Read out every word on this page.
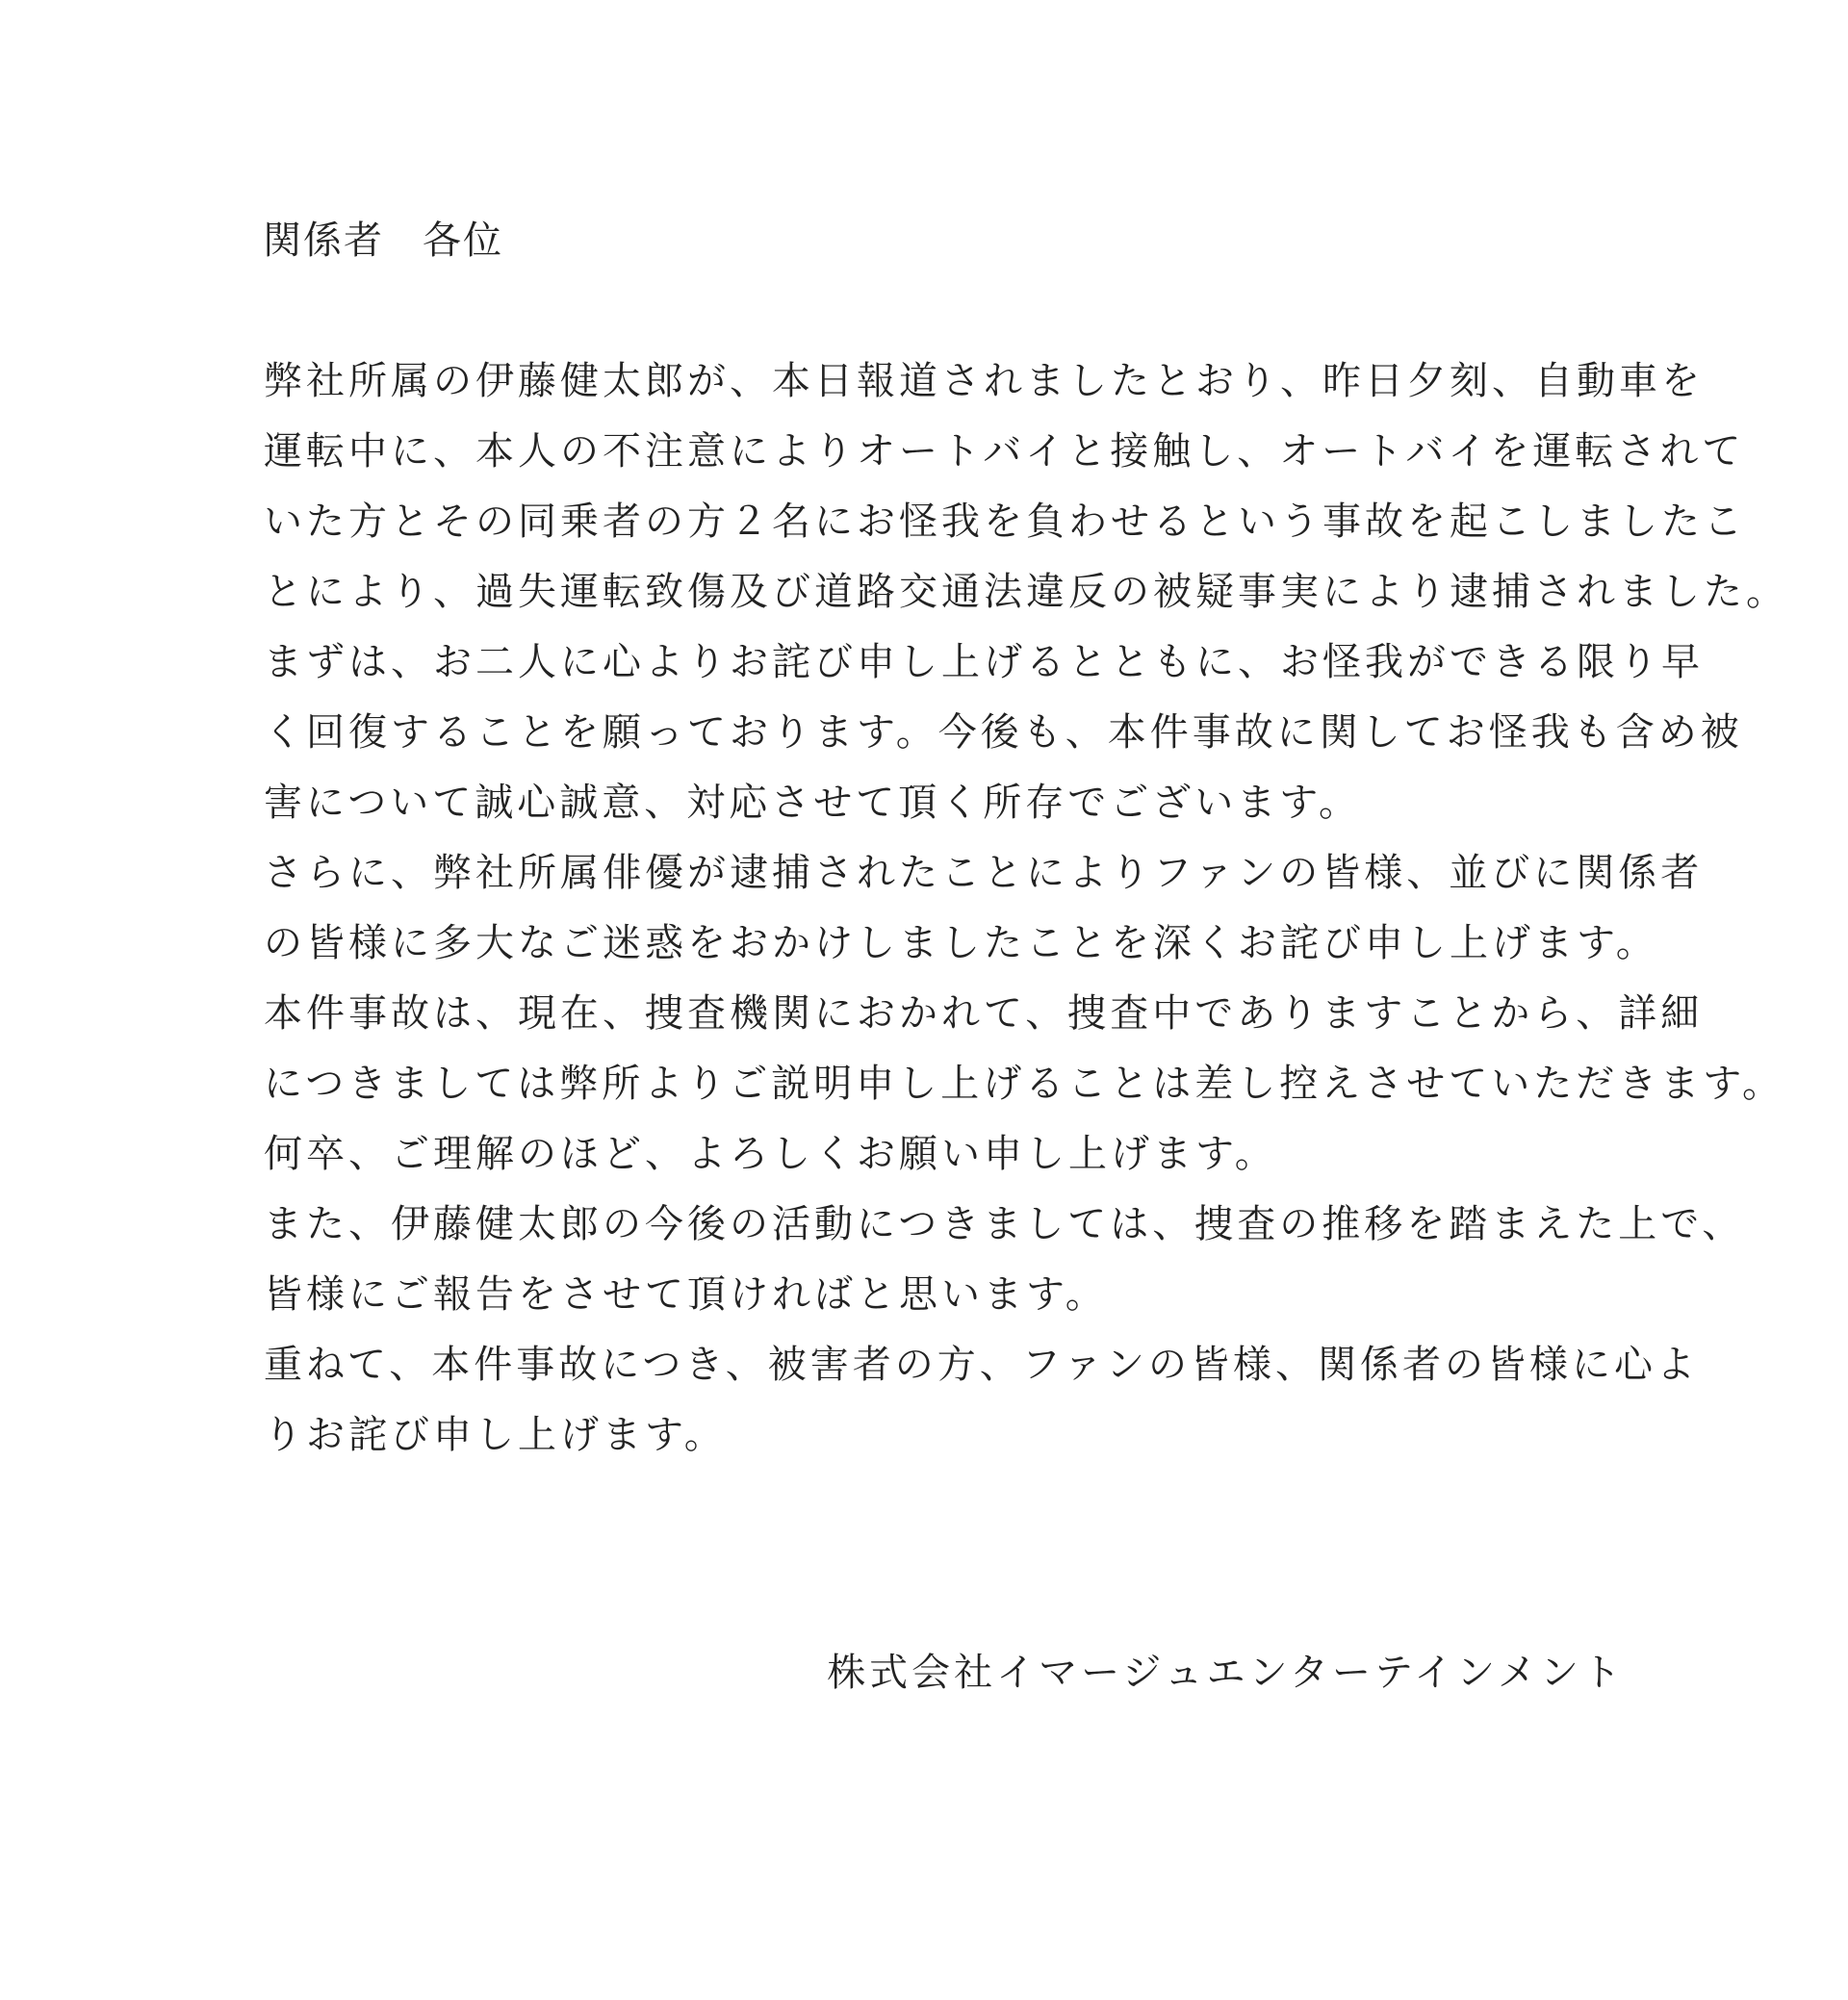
関係者 各位

弊社所属の伊藤健太郎が、本日報道されましたとおり、昨日夕刻、自動車を
運転中に、本人の不注意によりオートバイと接触し、オートバイを運転されて
いた方とその同乗者の方２名にお怪我を負わせるという事故を起こしましたこ
とにより、過失運転致傷及び道路交通法違反の被疑事実により逮捕されました。

まずは、お二人に心よりお詫び申し上げるとともに、お怪我ができる限り早
く回復することを願っております。今後も、本件事故に関してお怪我も含め被
害について誠心誠意、対応させて頂く所存でございます。

さらに、弊社所属俳優が逮捕されたことによりファンの皆様、並びに関係者
の皆様に多大なご迷惑をおかけしましたことを深くお詫び申し上げます。

本件事故は、現在、捜査機関におかれて、捜査中でありますことから、詳細
につきましては弊所よりご説明申し上げることは差し控えさせていただきます。
何卒、ご理解のほど、よろしくお願い申し上げます。

また、伊藤健太郎の今後の活動につきましては、捜査の推移を踏まえた上で、
皆様にご報告をさせて頂ければと思います。

重ねて、本件事故につき、被害者の方、ファンの皆様、関係者の皆様に心よ
りお詫び申し上げます。

株式会社イマージュエンターテインメント
